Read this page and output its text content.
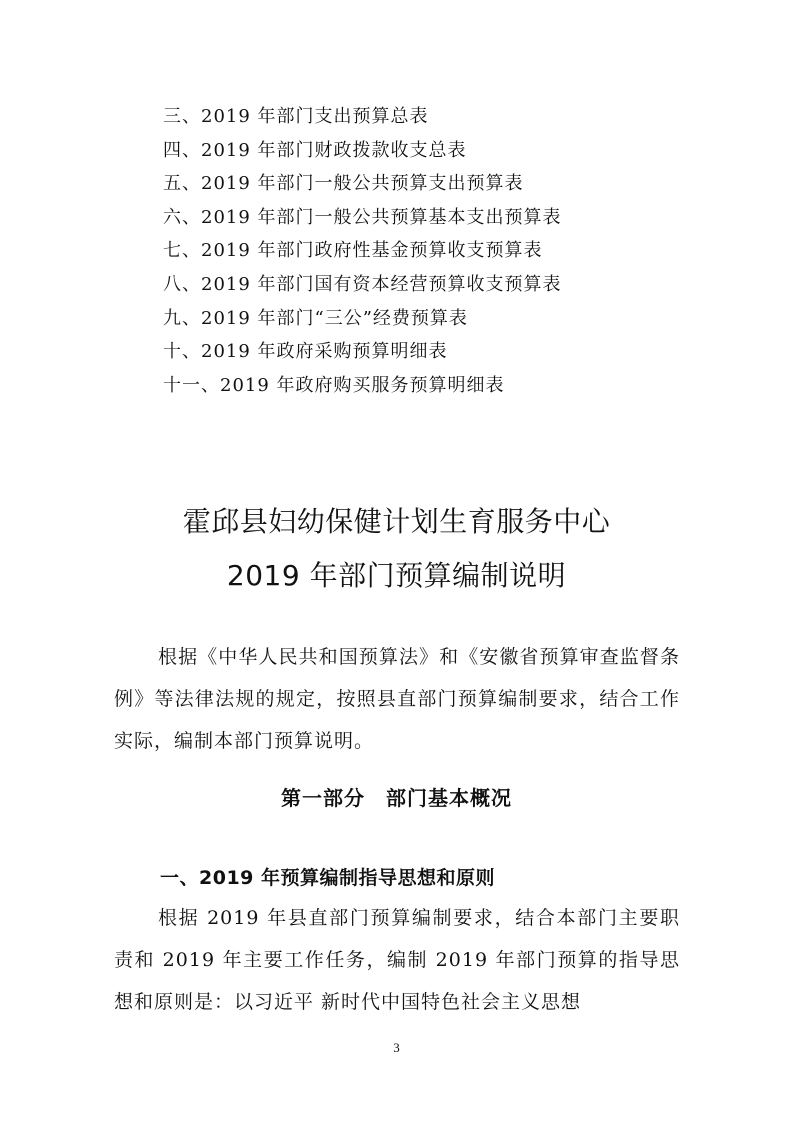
三、2019 年部门支出预算总表
四、2019 年部门财政拨款收支总表
五、2019 年部门一般公共预算支出预算表
六、2019 年部门一般公共预算基本支出预算表
七、2019 年部门政府性基金预算收支预算表
八、2019 年部门国有资本经营预算收支预算表
九、2019 年部门“三公”经费预算表
十、2019 年政府采购预算明细表
十一、2019 年政府购买服务预算明细表
霍邱县妇幼保健计划生育服务中心
2019 年部门预算编制说明
根据《中华人民共和国预算法》和《安徽省预算审查监督条例》等法律法规的规定，按照县直部门预算编制要求，结合工作实际，编制本部门预算说明。
第一部分　部门基本概况
一、2019 年预算编制指导思想和原则
根据 2019 年县直部门预算编制要求，结合本部门主要职责和 2019 年主要工作任务，编制 2019 年部门预算的指导思想和原则是：以习近平 新时代中国特色社会主义思想
3
